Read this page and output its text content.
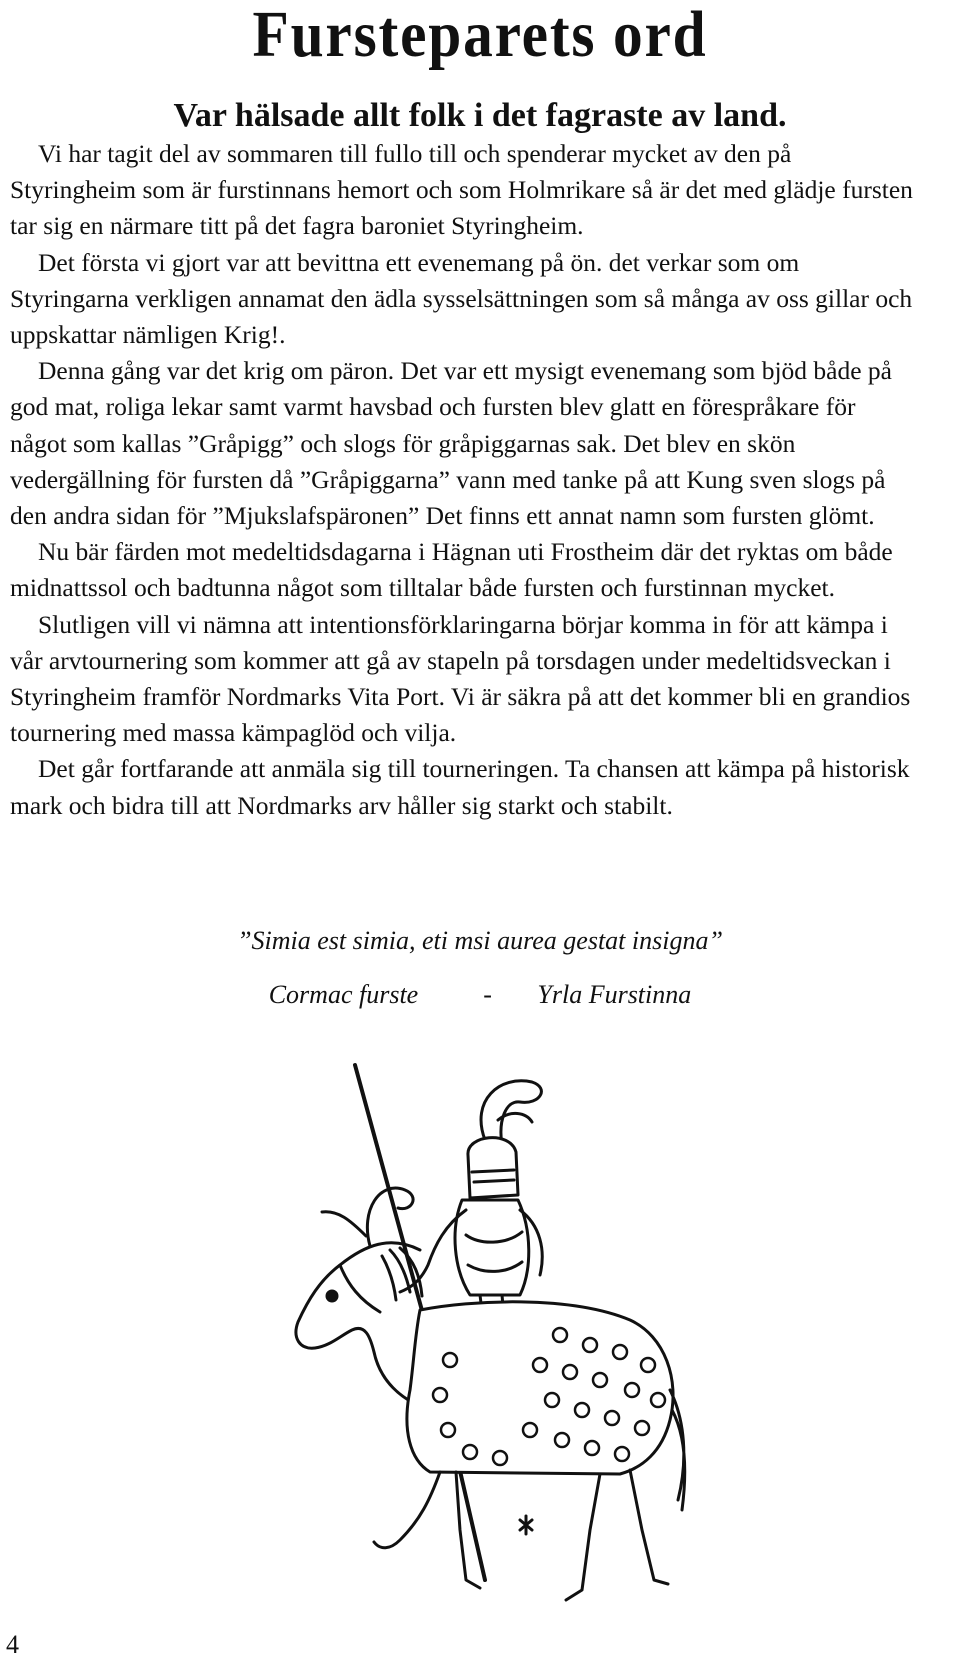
Fursteparets ord
Var hälsade allt folk i det fagraste av land.

Vi har tagit del av sommaren till fullo till och spenderar mycket av den på Styringheim som är furstinnans hemort och som Holmrikare så är det med glädje fursten tar sig en närmare titt på det fagra baroniet Styringheim.

Det första vi gjort var att bevittna ett evenemang på ön. det verkar som om Styringarna verkligen annamat den ädla sysselsättningen som så många av oss gillar och uppskattar nämligen Krig!.

Denna gång var det krig om päron. Det var ett mysigt evenemang som bjöd både på god mat, roliga lekar samt varmt havsbad och fursten blev glatt en förespråkare för något som kallas ”Gråpigg” och slogs för gråpiggarnas sak. Det blev en skön vedergällning för fursten då ”Gråpiggarna” vann med tanke på att Kung sven slogs på den andra sidan för ”Mjukslafspäronen” Det finns ett annat namn som fursten glömt.

Nu bär färden mot medeltidsdagarna i Hägnan uti Frostheim där det ryktas om både midnattssol och badtunna något som tilltalar både fursten och furstinnan mycket.

Slutligen vill vi nämna att intentionsförklaringarna börjar komma in för att kämpa i vår arvtournering som kommer att gå av stapeln på torsdagen under medeltidsveckan i Styringheim framför Nordmarks Vita Port. Vi är säkra på att det kommer bli en grandios tournering med massa kämpaglöd och vilja.

Det går fortfarande att anmäla sig till tourneringen. Ta chansen att kämpa på historisk mark och bidra till att Nordmarks arv håller sig starkt och stabilt.

”Simia est simia, eti msi aurea gestat insigna”
Cormac furste	- Yrla Furstinna
4
